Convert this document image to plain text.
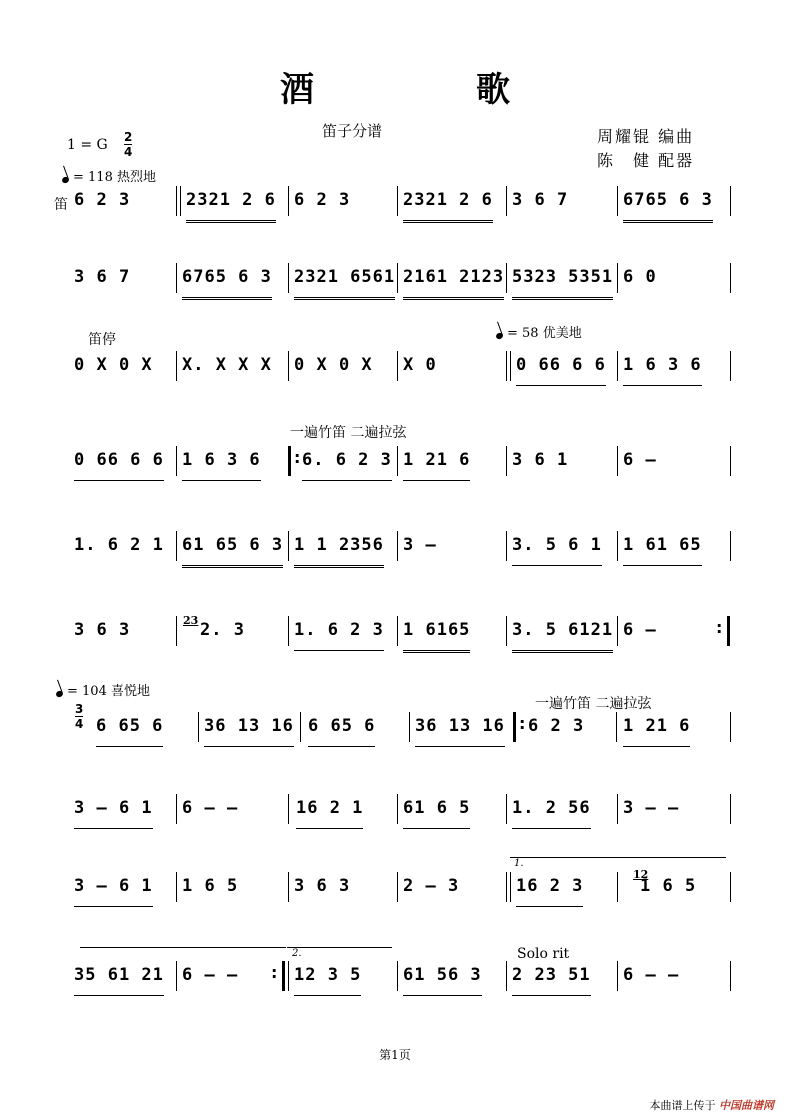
酒　歌
笛子分谱	周耀锟 编曲
陈　健 配器
1 = G 2
4
= 118 热烈地
笛
笛停	= 58 优美地
一遍竹笛 二遍拉弦
23
= 104 喜悦地
3
4
一遍竹笛 二遍拉弦
12
Solo rit
1.
2.
6 2 3	2321 2 6 6 2 3	2321 2 6 3 6 7	6765 6 3
3 6 7	6765 6 3 2321 6561 2161 2123 5323 5351 6 0
0 X 0 X X. X X X 0 X 0 X X 0	0 66 6 6 1 6 3 6
0 66 6 6 1 6 3 6 : 6. 6 2 3 1 21 6 3 6 1	6 –
1. 6 2 1 61 65 6 3 1 1 2356 3 –	3. 5 6 1 1 61 65
3 6 3	2. 3	1. 6 2 3 1 6165 3. 5 6121 6 –
:
6 65 6 36 13 16 6 65 6 36 13 16 : 6 2 3 1 21 6
3 – 6 1 6 – –	16 2 1 61 6 5 1. 2 56 3 – –
3 – 6 1 1 6 5	3 6 3	2 – 3	16 2 3	1 6 5
35 61 21 6 – – :	12 3 5 61 56 3 2 23 51 6 – –
第1页
本曲谱上传于 中国曲谱网
